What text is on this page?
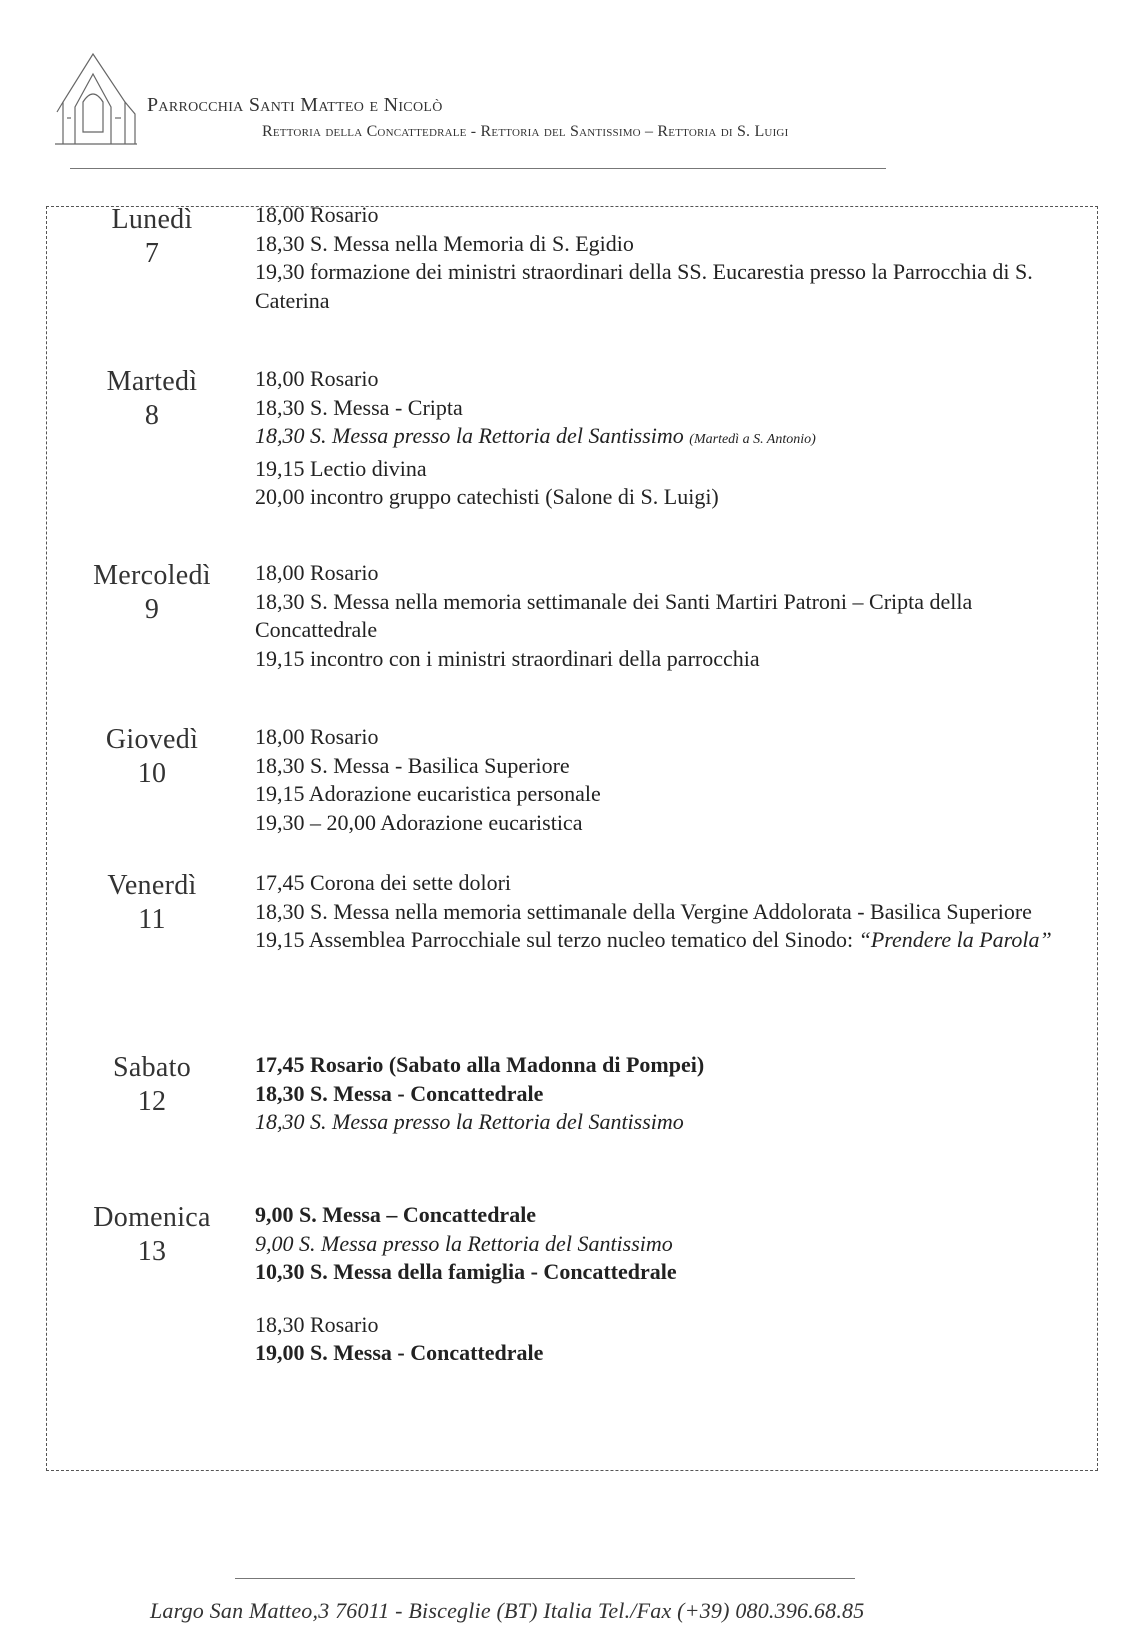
Parrocchia Santi Matteo e Nicolò
Rettoria della Concattedrale - Rettoria del Santissimo – Rettoria di S. Luigi
Lunedì
7
18,00 Rosario
18,30 S. Messa nella Memoria di S. Egidio
19,30 formazione dei ministri straordinari della SS. Eucarestia presso la Parrocchia di S. Caterina
Martedì
8
18,00 Rosario
18,30 S. Messa - Cripta
18,30 S. Messa presso la Rettoria del Santissimo (Martedì a S. Antonio)
19,15 Lectio divina
20,00 incontro gruppo catechisti (Salone di S. Luigi)
Mercoledì
9
18,00 Rosario
18,30 S. Messa nella memoria settimanale dei Santi Martiri Patroni – Cripta della Concattedrale
19,15 incontro con i ministri straordinari della parrocchia
Giovedì
10
18,00 Rosario
18,30 S. Messa - Basilica Superiore
19,15 Adorazione eucaristica personale
19,30 – 20,00 Adorazione eucaristica
Venerdì
11
17,45 Corona dei sette dolori
18,30 S. Messa nella memoria settimanale della Vergine Addolorata - Basilica Superiore
19,15 Assemblea Parrocchiale sul terzo nucleo tematico del Sinodo: “Prendere la Parola”
Sabato
12
17,45 Rosario (Sabato alla Madonna di Pompei)
18,30 S. Messa - Concattedrale
18,30 S. Messa presso la Rettoria del Santissimo
Domenica
13
9,00 S. Messa – Concattedrale
9,00 S. Messa presso la Rettoria del Santissimo
10,30 S. Messa della famiglia - Concattedrale
18,30 Rosario
19,00 S. Messa - Concattedrale
Largo San Matteo,3 76011 - Bisceglie (BT) Italia Tel./Fax (+39) 080.396.68.85
